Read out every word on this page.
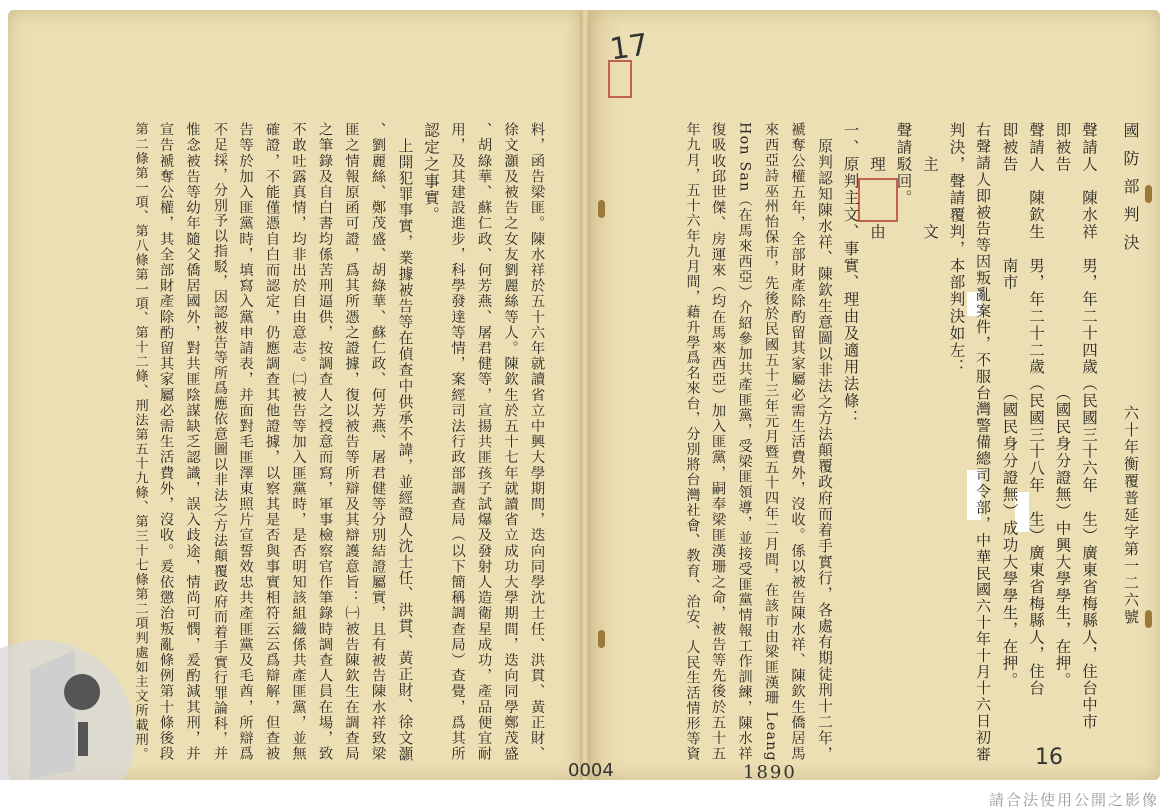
料，函告梁匪。陳水祥於五十六年就讀省立中興大學期間，迭向同學沈士任、洪貫、黃正財、
徐文灝及被告之女友劉麗絲等人。陳欽生於五十七年就讀省立成功大學期間，迭向同學鄭茂盛
、胡綠華、蘇仁政、何芳燕、屠君健等，宣揚共匪孩子試爆及發射人造衛星成功，產品便宜耐
用，及其建設進步，科學發達等情，案經司法行政部調查局（以下簡稱調查局）查覺，爲其所
認定之事實。
　上開犯罪事實，業據被告等在偵查中供承不諱，並經證人沈士任、洪貫、黃正財、徐文灝
、劉麗絲、鄭茂盛、胡綠華、蘇仁政、何芳燕、屠君健等分別結證屬實，且有被告陳水祥致梁
匪之情報原函可證，爲其所憑之證據，復以被告等所辯及其辯護意旨：㈠被告陳欽生在調查局
之筆錄及自白書均係苦刑逼供，按調查人之授意而寫，軍事檢察官作筆錄時調查人員在場，致
不敢吐露真情，均非出於自由意志。㈡被告等加入匪黨時，是否明知該組織係共產匪黨，並無
確證，不能僅憑自白而認定，仍應調查其他證據，以察其是否與事實相符云云爲辯解，但查被
告等於加入匪黨時，填寫入黨申請表，并面對毛匪澤東照片宣誓效忠共產匪黨及毛酋，所辯爲
不足採，分別予以指駁，因認被告等所爲應依意圖以非法之方法顛覆政府而着手實行罪論科，并
惟念被告等幼年隨父僑居國外，對共匪陰謀缺乏認識，誤入歧途，情尚可憫，爰酌減其刑，并
宣告褫奪公權，其全部財產除酌留其家屬必需生活費外，沒收。爰依懲治叛亂條例第十條後段
第二條第一項、第八條第一項、第十二條、刑法第五十九條、第三十七條第二項判處如主文所載刑。	國防部判決
六十年衡覆普延字第一二六號
17
16
聲請人　陳水祥　男，年二十四歲（民國三十六年　生）廣東省梅縣人，住台中市
即被告　　　　　　　　　　　　　（國民身分證無）中興大學學生，在押。
聲請人　陳欽生　男，年二十二歲（民國三十八年　生）廣東省梅縣人，住台
即被告　　　　　南市　　　　　　（國民身分證無）成功大學學生，在押。
右聲請人即被告等因叛亂案件，不服台灣警備總司令部，中華民國六十年十月十六日初審
判決，聲請覆判，本部判決如左：
　　主　　　文
聲請駁回。
　　理　　　由
一、原判主文、事實、理由及適用法條：
　原判認知陳水祥、陳欽生意圖以非法之方法顛覆政府而着手實行，各處有期徒刑十二年，
褫奪公權五年，全部財產除酌留其家屬必需生活費外，沒收。係以被告陳水祥、陳欽生僑居馬
來西亞詩巫州怡保市，先後於民國五十三年元月暨五十四年二月間，在該市由梁匪漢珊 Leang
Hon San（在馬來西亞）介紹參加共產匪黨，受梁匪領導，並接受匪黨情報工作訓練，陳水祥
復吸收邱世傑、房運來（均在馬來西亞）加入匪黨，嗣奉梁匪漢珊之命，被告等先後於五十五
年九月，五十六年九月間，藉升學爲名來台，分別將台灣社會、教育、治安、人民生活情形等資
1890
0004
請合法使用公開之影像
